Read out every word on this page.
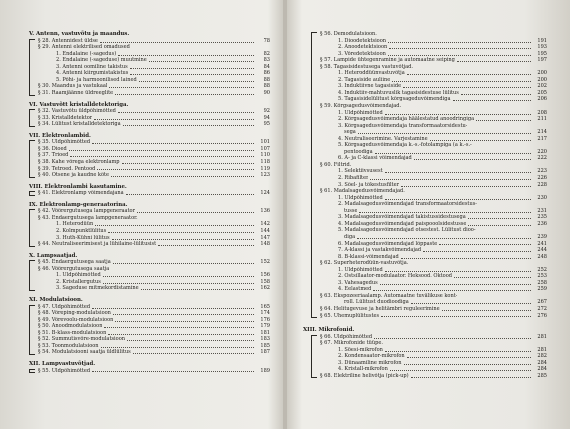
V. Antenn, vastuvõtu ja maandus.
§ 28. Antennidest üldse	78
§ 29. Antenni elektrilised omadused
1. Endalaine (-sagedus)	82
2. Endalaine (-sageduse) muutmine	83
3. Antenni oomiline takistus	84
4. Antenni kiirgumistakistus	86
5. Põhi- ja harmoonilised lained	88
§ 30. Maandus ja vastukaal	88
§ 31. Raamjäänne üldreeglite	90
VI. Vastuvõtt kristalldetektoriga.
§ 32. Vastuvõtu üldpõhimõtted	92
§ 33. Kristalldetektor	94
§ 34. Lülitust kristalldetektoriga	95
VII. Elektronlambid.
§ 35. Üldpõhimõtted	101
§ 36. Dioed	107
§ 37. Trioed	110
§ 38. Kahe võrega elektronlamp	118
§ 39. Tetroed. Pentood	119
§ 40. Otsene ja kaudne kõte	123
VIII. Elektronlambi kasutamine.
§ 41. Elektronlamp võimendajana	124
IX. Elektronlamp-generaatorina.
§ 42. Võõrergutusega lampgeneraator	136
§ 43. Endaergutusega lampgeneraator.
1. Heterodüün	142
2. Kolmpunktlülitus	144
3. Huth-Kühni lülitus	147
§ 44. Neutraliseerimisest ja lühilaine-lülitusist	148
X. Lampsaatjad.
§ 45. Endaergutusega saatja	152
§ 46. Võõrergutusega saatja
1. Üldpõhimõtted	156
2. Kristallergutus	158
3. Sageduse mitmekordistamine	162
XI. Modulatsioon.
§ 47. Üldpõhimõtted	165
§ 48. Võreping-modulatsioon	174
§ 49. Võrevoolu-modulatsioon	176
§ 50. Anoodmodulatsioon	179
§ 51. B-klass-modulatsioon	181
§ 52. Summutisvõre-modulatsioon	183
§ 53. Toonmodulatsioon	185
§ 54. Modulatsiooni saatja üldlülitus	187
XII. Lampvastuvõtjad.
§ 55. Üldpõhimõtted	189
§ 56. Demodulatsioon.
1. Dioodetektsioon	191
2. Anoodetektsioon	193
3. Võredetektsioon	195
§ 57. Lampide ühtegenramine ja automaatne seiping	197
§ 58. Tagasisidestusega vastuvõtjad.
1. Heteroddüünvastuvõtja	200
2. Tagasiside auliine	200
3. Induktiivne tagasiside	202
4. Induktiiv-mahtuvuslik tagasisidestuse lülitus	205
5. Tagasisidelülitust kõrgsageduvõimendiga	206
§ 59. Kõrgsagedusvõimendajad.
1. Üldpõhimõtted	208
2. Kõrgsagedusvõimendaja häälestatud anoodringiga	211
3. Kõrgsagedusvõimendaja transformaatorsidestu-
sega	214
4. Neutraliseerimine. Varjestamine	217
5. Kõrgsagedusvõimendaja k.-s.-fotolampiga (a k.-s.-
pentoodiga	220
6. A- ja C-klassi võimendajad	222
§ 60. Filtrid.
1. Selektiivsusest	223
2. Ribafilter	226
3. Sõel- ja tõkestusfilter	228
§ 61. Madalsagedusvõimendajad.
1. Üldpõhimõtted	230
2. Madalsagedusvõimendajad transformaatorsidestus-
tusse	231
3. Madalsagedusvõimendajad takistussidestusega	235
4. Madalsagedusvõimendajad paispooolsidestusse	236
5. Madalsagedusvõimendajad otsestest. Lülitust dioo-
diga	239
6. Madalsagedusvõimendajad lõppaste	241
7. A-klassi ja vastakvõimendajad	244
8. B-klassi-võimendajad	248
§ 62. Superheterodüün-vastuvõtja.
1. Üldpõhimõtted	252
2. Ostsillaator-modulaator. Heksood. Oktood	253
3. Vahesagedus	258
4. Eelastmed	259
§ 63. Ekspozeeriaalamp. Automaatne tuvälikuse kont-
roll. Lülitust duodioodiga	267
§ 64. Helitugevuse ja helitämbri reguleerimine	272
§ 65. Ühemuplülitustes	276
XIII. Mikrofonid.
§ 66. Üldpõhimõtted	281
§ 67. Mikrofonide tüüpe.
1. Söesi-mikrofon	281
2. Kondensaator-mikrofon	282
3. Dünaamiline mikrofon	284
4. Kristall-mikrofon	284
§ 68. Elektriline helivõtja (pick-up)	285
